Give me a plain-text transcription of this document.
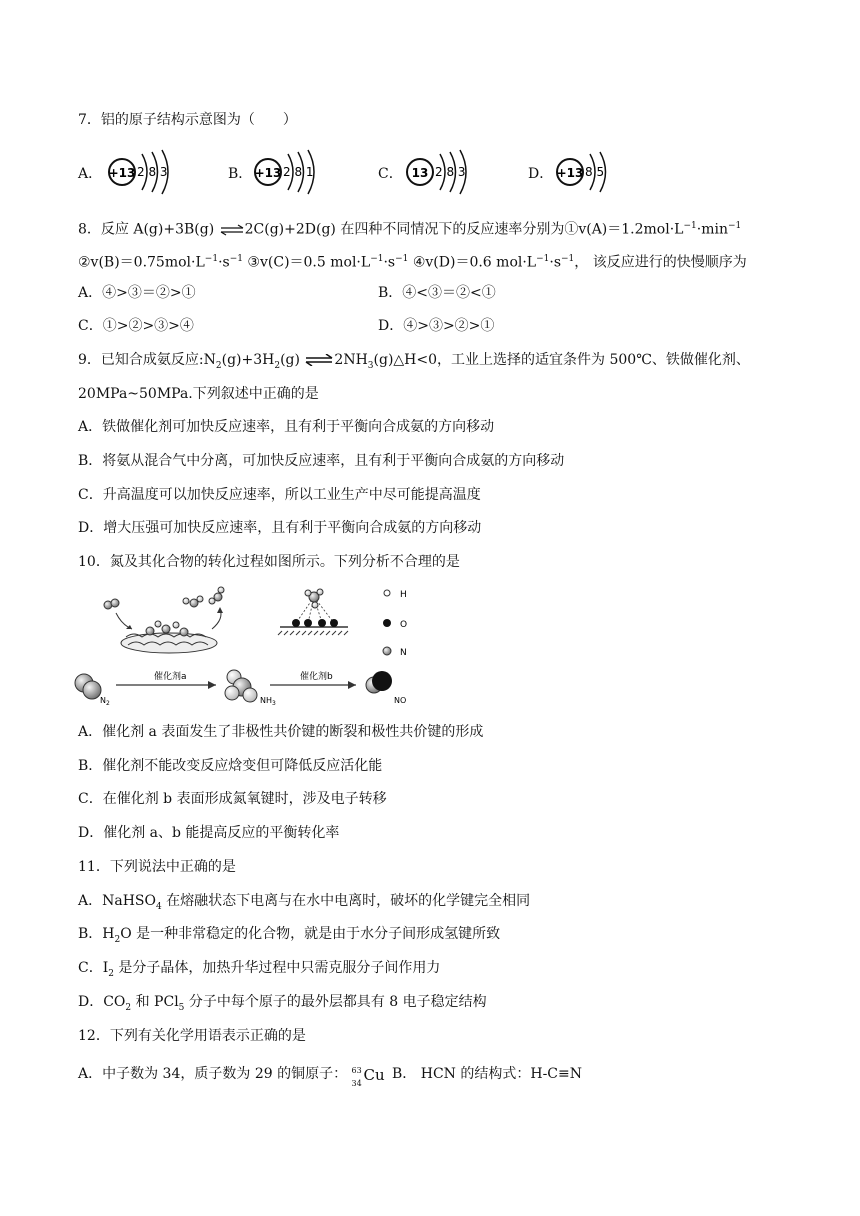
7．铝的原子结构示意图为（　　）
A． +13 2 8 3	B． +13 2 8 1	C． 13 2 8 3	D． +13 8 5
8．反应 A(g)+3B(g) ⇌2C(g)+2D(g) 在四种不同情况下的反应速率分别为$①v(A)=1.2mol\cdot L^{-1}\cdot\min^{-1}$
$②v(B)=0.75mol\cdot L^{-1}\cdot s^{-1}$ ③v(C)＝0.5 $mol\cdot L^{-1}\cdot s^{-1}$ ④v(D)＝0.6 $mol\cdot L^{-1}\cdot s^{-1}$， 该反应进行的快慢顺序为
A．④>③＝②>①	B．④<③＝②<①
C．①>②>③>④	D．④>③>②>①
9．已知合成氨反应$:N_2(g)+3H_2(g)$ $\rightleftharpoons 2NH_3(g)\triangle H<0$，工业上选择的适宜条件为 500℃、铁做催化剂、
20MPa~50MPa.下列叙述中正确的是
A．铁做催化剂可加快反应速率，且有利于平衡向合成氨的方向移动
B．将氨从混合气中分离，可加快反应速率，且有利于平衡向合成氨的方向移动
C．升高温度可以加快反应速率，所以工业生产中尽可能提高温度
D．增大压强可加快反应速率，且有利于平衡向合成氨的方向移动
10．氮及其化合物的转化过程如图所示。下列分析不合理的是
H
O
N
$N_2$
催化剂a
$NH_3$
催化剂b
NO
A．催化剂 a 表面发生了非极性共价键的断裂和极性共价键的形成
B．催化剂不能改变反应焓变但可降低反应活化能
C．在催化剂 b 表面形成氮氧键时，涉及电子转移
D．催化剂 a、b 能提高反应的平衡转化率
11．下列说法中正确的是
A．NaHSO$_4$ 在熔融状态下电离与在水中电离时，破坏的化学键完全相同
B．$H_2O$ 是一种非常稳定的化合物，就是由于水分子间形成氢键所致
C．$I_2$ 是分子晶体，加热升华过程中只需克服分子间作用力
D．$CO_2$ 和 PCl$_5$ 分子中每个原子的最外层都具有 8 电子稳定结构
12．下列有关化学用语表示正确的是
A．中子数为 34，质子数为 29 的铜原子： 63
34 Cu B． HCN 的结构式：H-C≡N
